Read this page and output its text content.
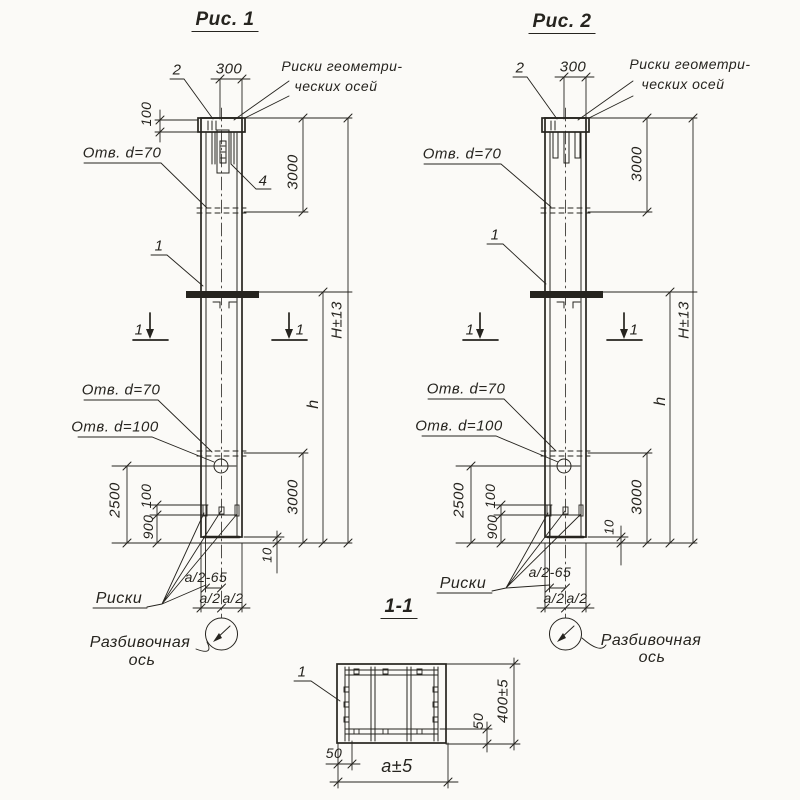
Рис. 1
2 300	Риски геометри-
ческих осей
100
Отв. d=70
3000
4
1
H±13
h
1	1
Отв. d=70
Отв. d=100
2500 100
900
3000
10
a/2-65
a/2 a/2
Риски
Разбивочная
ось
Рис. 2
2 300	Риски геометри-
ческих осей
Отв. d=70	3000
1
H±13
h
1	1
Отв. d=70
Отв. d=100
2500 100
900
3000
10
a/2-65
a/2 a/2
Риски
Разбивочная
ось
1-1
1
50 400±5
50
a±5
